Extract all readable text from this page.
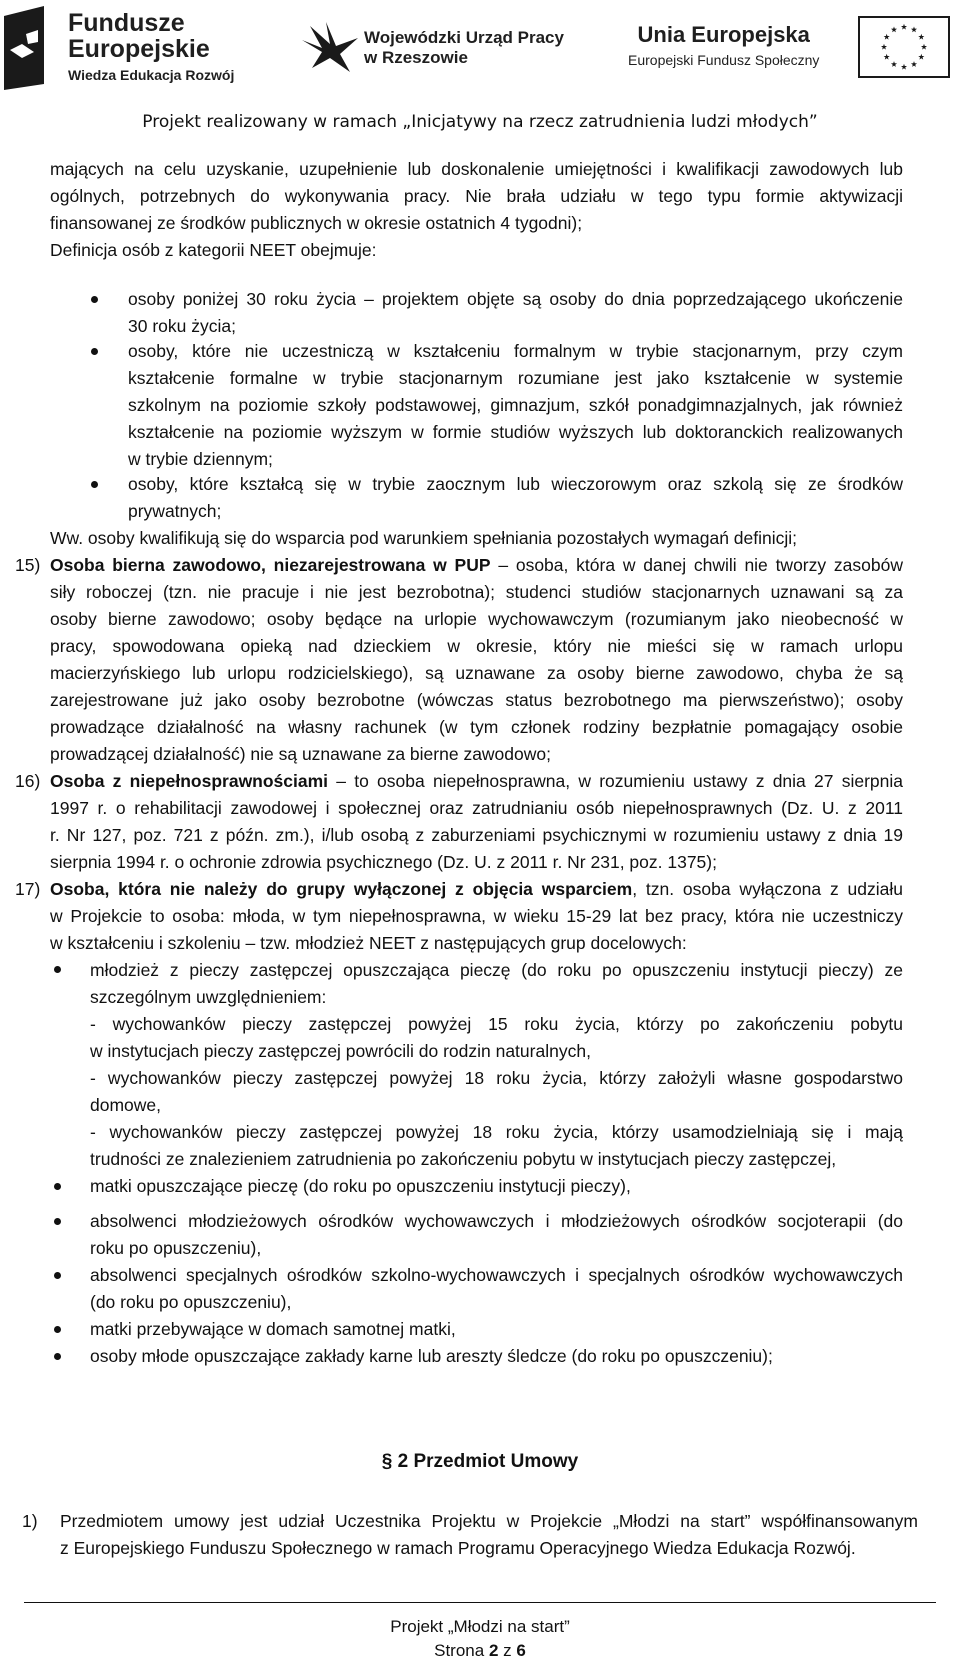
Fundusze
Europejskie
Wiedza Edukacja Rozwój
Wojewódzki Urząd Pracy
w Rzeszowie
Unia Europejska
Europejski Fundusz Społeczny
Projekt realizowany w ramach „Inicjatywy na rzecz zatrudnienia ludzi młodych”
mających na celu uzyskanie, uzupełnienie lub doskonalenie umiejętności i kwalifikacji zawodowych lub
ogólnych, potrzebnych do wykonywania pracy. Nie brała udziału w tego typu formie aktywizacji
finansowanej ze środków publicznych w okresie ostatnich 4 tygodni);
Definicja osób z kategorii NEET obejmuje:
osoby poniżej 30 roku życia – projektem objęte są osoby do dnia poprzedzającego ukończenie
30 roku życia;
osoby, które nie uczestniczą w kształceniu formalnym w trybie stacjonarnym, przy czym
kształcenie formalne w trybie stacjonarnym rozumiane jest jako kształcenie w systemie
szkolnym na poziomie szkoły podstawowej, gimnazjum, szkół ponadgimnazjalnych, jak również
kształcenie na poziomie wyższym w formie studiów wyższych lub doktoranckich realizowanych
w trybie dziennym;
osoby, które kształcą się w trybie zaocznym lub wieczorowym oraz szkolą się ze środków
prywatnych;
Ww. osoby kwalifikują się do wsparcia pod warunkiem spełniania pozostałych wymagań definicji;
15) Osoba bierna zawodowo, niezarejestrowana w PUP – osoba, która w danej chwili nie tworzy zasobów
siły roboczej (tzn. nie pracuje i nie jest bezrobotna); studenci studiów stacjonarnych uznawani są za
osoby bierne zawodowo; osoby będące na urlopie wychowawczym (rozumianym jako nieobecność w
pracy, spowodowana opieką nad dzieckiem w okresie, który nie mieści się w ramach urlopu
macierzyńskiego lub urlopu rodzicielskiego), są uznawane za osoby bierne zawodowo, chyba że są
zarejestrowane już jako osoby bezrobotne (wówczas status bezrobotnego ma pierwszeństwo); osoby
prowadzące działalność na własny rachunek (w tym członek rodziny bezpłatnie pomagający osobie
prowadzącej działalność) nie są uznawane za bierne zawodowo;
16) Osoba z niepełnosprawnościami – to osoba niepełnosprawna, w rozumieniu ustawy z dnia 27 sierpnia
1997 r. o rehabilitacji zawodowej i społecznej oraz zatrudnianiu osób niepełnosprawnych (Dz. U. z 2011
r. Nr 127, poz. 721 z późn. zm.), i/lub osobą z zaburzeniami psychicznymi w rozumieniu ustawy z dnia 19
sierpnia 1994 r. o ochronie zdrowia psychicznego (Dz. U. z 2011 r. Nr 231, poz. 1375);
17) Osoba, która nie należy do grupy wyłączonej z objęcia wsparciem, tzn. osoba wyłączona z udziału
w Projekcie to osoba: młoda, w tym niepełnosprawna, w wieku 15-29 lat bez pracy, która nie uczestniczy
w kształceniu i szkoleniu – tzw. młodzież NEET z następujących grup docelowych:
młodzież z pieczy zastępczej opuszczająca pieczę (do roku po opuszczeniu instytucji pieczy) ze
szczególnym uwzględnieniem:
- wychowanków pieczy zastępczej powyżej 15 roku życia, którzy po zakończeniu pobytu
w instytucjach pieczy zastępczej powrócili do rodzin naturalnych,
- wychowanków pieczy zastępczej powyżej 18 roku życia, którzy założyli własne gospodarstwo
domowe,
- wychowanków pieczy zastępczej powyżej 18 roku życia, którzy usamodzielniają się i mają
trudności ze znalezieniem zatrudnienia po zakończeniu pobytu w instytucjach pieczy zastępczej,
matki opuszczające pieczę (do roku po opuszczeniu instytucji pieczy),
absolwenci młodzieżowych ośrodków wychowawczych i młodzieżowych ośrodków socjoterapii (do
roku po opuszczeniu),
absolwenci specjalnych ośrodków szkolno-wychowawczych i specjalnych ośrodków wychowawczych
(do roku po opuszczeniu),
matki przebywające w domach samotnej matki,
osoby młode opuszczające zakłady karne lub areszty śledcze (do roku po opuszczeniu);
§ 2 Przedmiot Umowy
1) Przedmiotem umowy jest udział Uczestnika Projektu w Projekcie „Młodzi na start” współfinansowanym
z Europejskiego Funduszu Społecznego w ramach Programu Operacyjnego Wiedza Edukacja Rozwój.
Projekt „Młodzi na start”
Strona 2 z 6
